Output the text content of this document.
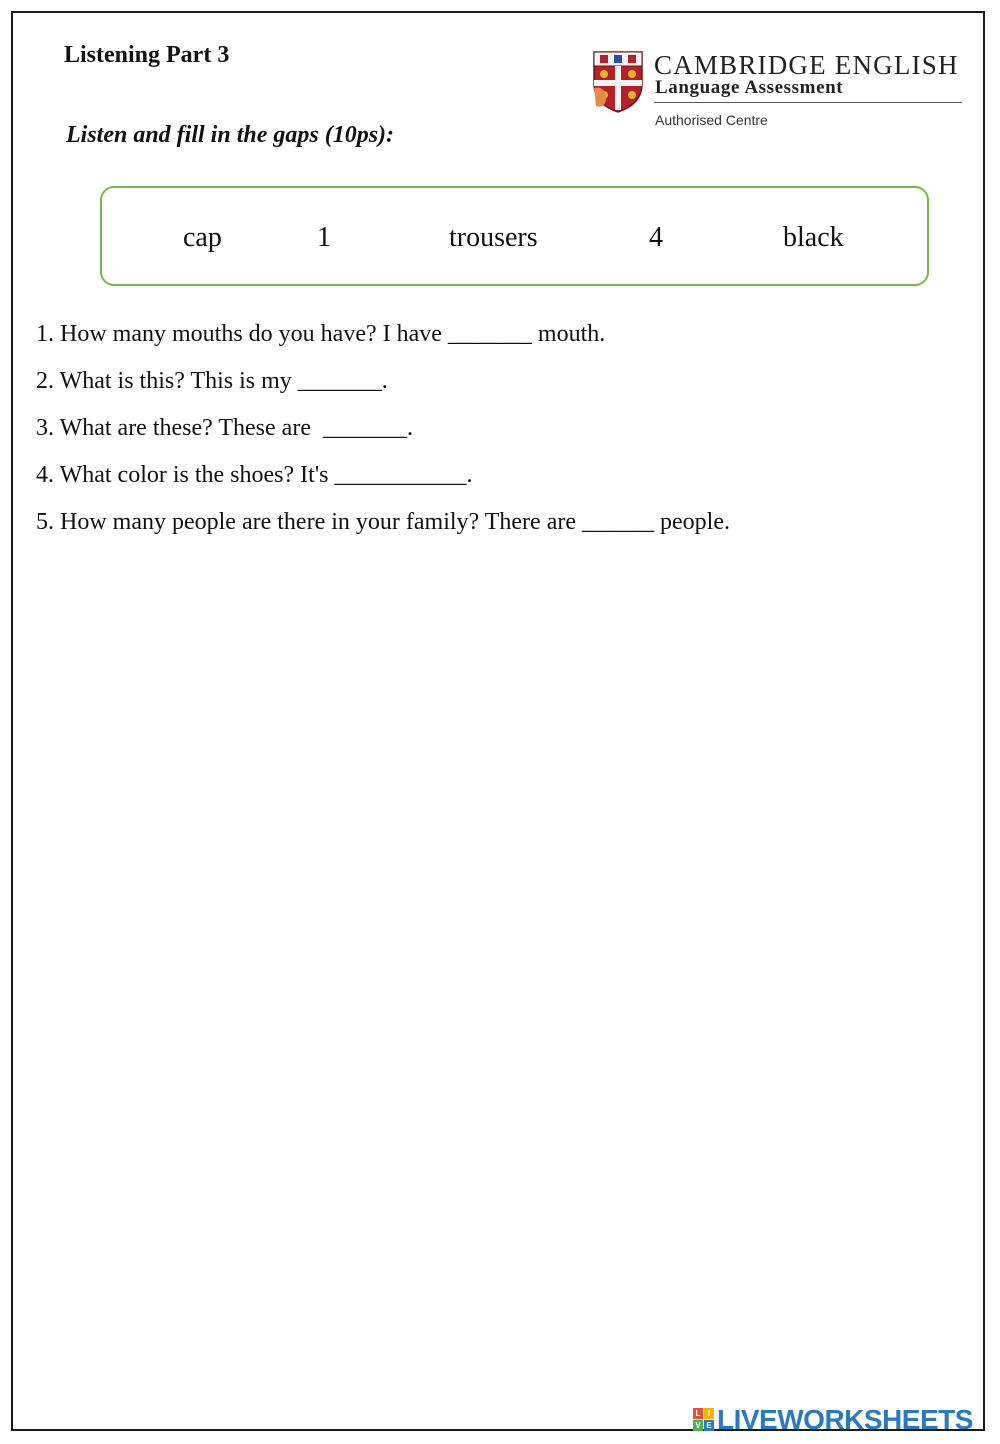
Listening Part 3
Listen and fill in the gaps (10ps):
CAMBRIDGE ENGLISH
Language Assessment
Authorised Centre
cap	1	trousers	4	black
1. How many mouths do you have? I have _______ mouth.
2. What is this? This is my _______.
3. What are these? These are  _______.
4. What color is the shoes? It's ___________.
5. How many people are there in your family? There are ______ people.
L I
V E LIVEWORKSHEETS
